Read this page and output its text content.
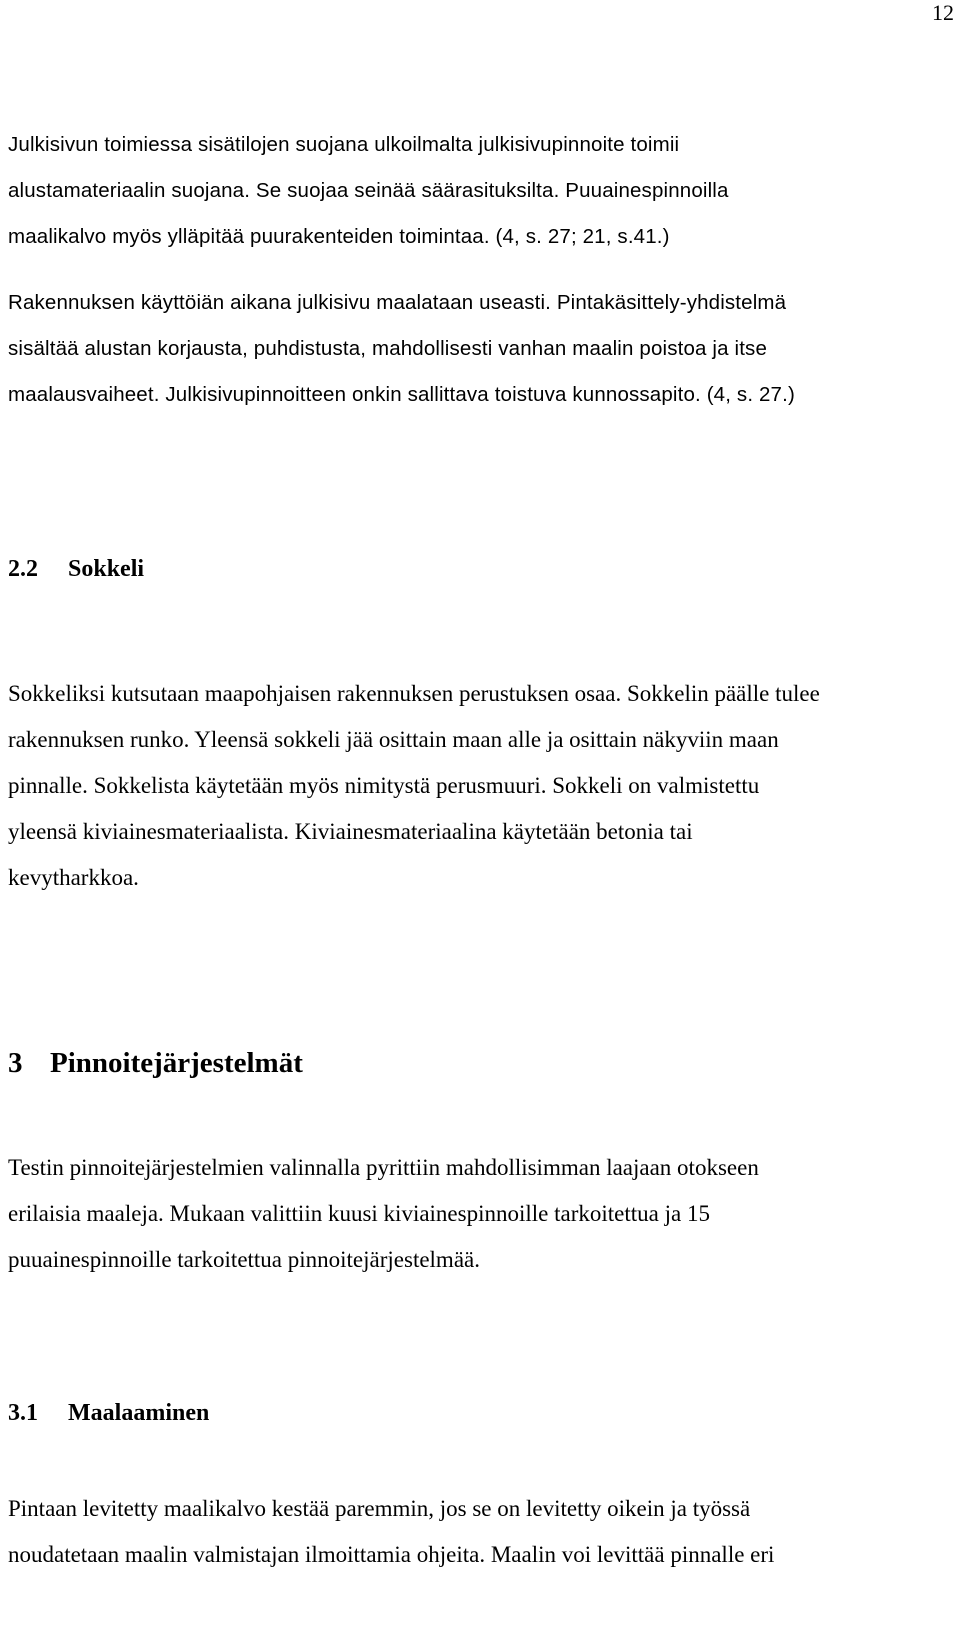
12
Julkisivun toimiessa sisätilojen suojana ulkoilmalta julkisivupinnoite toimii
alustamateriaalin suojana. Se suojaa seinää säärasituksilta. Puuainespinnoilla
maalikalvo myös ylläpitää puurakenteiden toimintaa. (4, s. 27; 21, s.41.)
Rakennuksen käyttöiän aikana julkisivu maalataan useasti. Pintakäsittely-yhdistelmä
sisältää alustan korjausta, puhdistusta, mahdollisesti vanhan maalin poistoa ja itse
maalausvaiheet. Julkisivupinnoitteen onkin sallittava toistuva kunnossapito. (4, s. 27.)
2.2 Sokkeli
Sokkeliksi kutsutaan maapohjaisen rakennuksen perustuksen osaa. Sokkelin päälle tulee
rakennuksen runko. Yleensä sokkeli jää osittain maan alle ja osittain näkyviin maan
pinnalle. Sokkelista käytetään myös nimitystä perusmuuri. Sokkeli on valmistettu
yleensä kiviainesmateriaalista. Kiviainesmateriaalina käytetään betonia tai
kevytharkkoa.
3 Pinnoitejärjestelmät
Testin pinnoitejärjestelmien valinnalla pyrittiin mahdollisimman laajaan otokseen
erilaisia maaleja. Mukaan valittiin kuusi kiviainespinnoille tarkoitettua ja 15
puuainespinnoille tarkoitettua pinnoitejärjestelmää.
3.1 Maalaaminen
Pintaan levitetty maalikalvo kestää paremmin, jos se on levitetty oikein ja työssä
noudatetaan maalin valmistajan ilmoittamia ohjeita. Maalin voi levittää pinnalle eri
